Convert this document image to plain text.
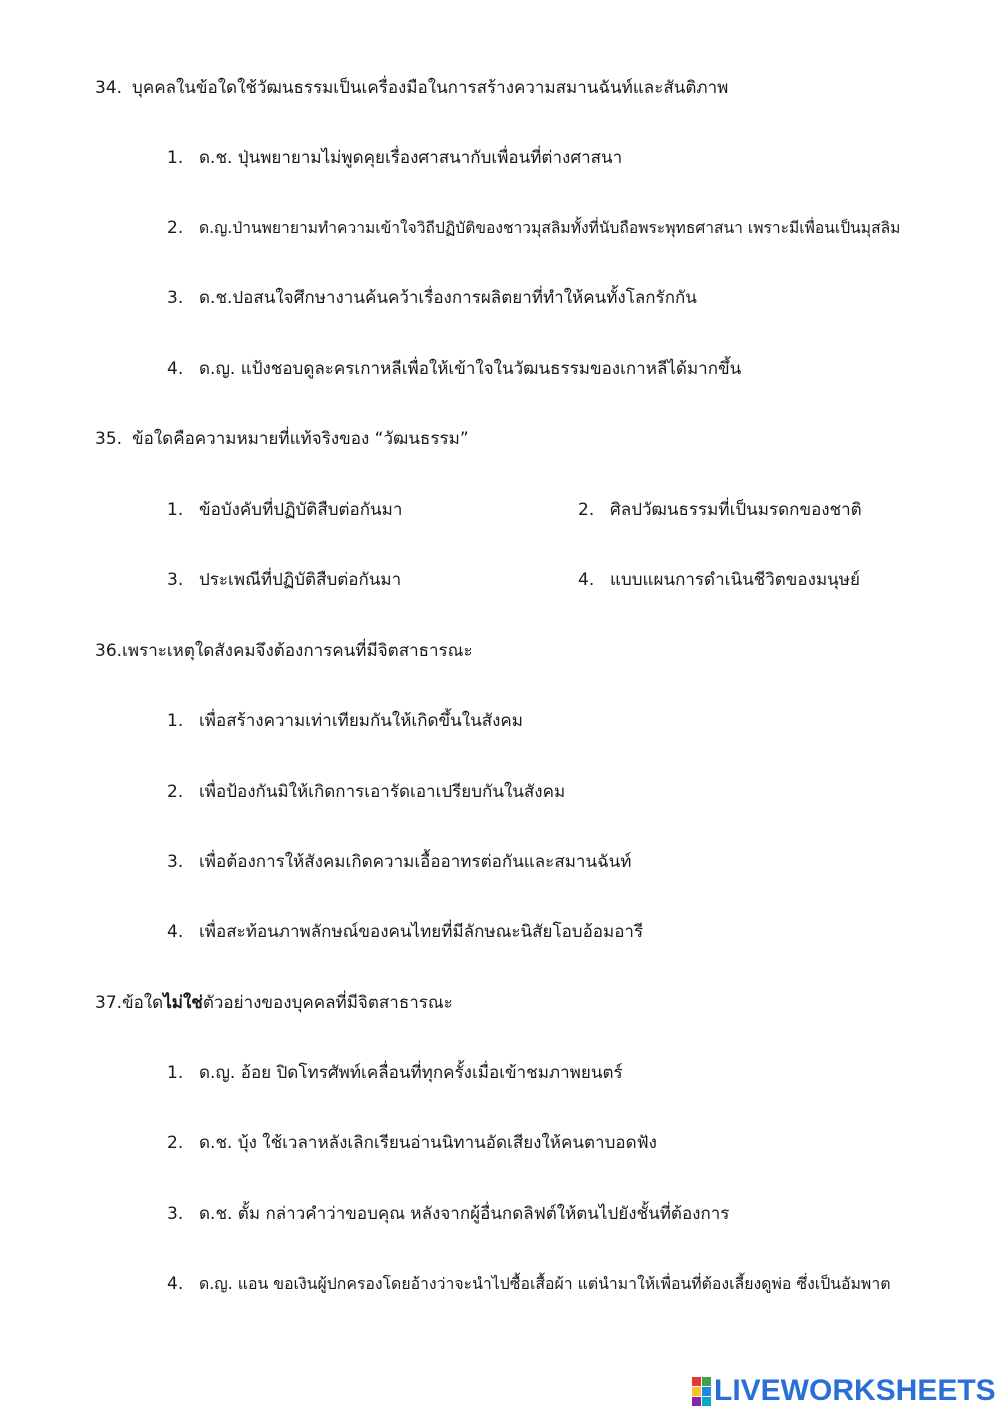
34. บุคคลในข้อใดใช้วัฒนธรรมเป็นเครื่องมือในการสร้างความสมานฉันท์และสันติภาพ
1. ด.ช. ปุ่นพยายามไม่พูดคุยเรื่องศาสนากับเพื่อนที่ต่างศาสนา
2. ด.ญ.ป่านพยายามทำความเข้าใจวิถีปฏิบัติของชาวมุสลิมทั้งที่นับถือพระพุทธศาสนา เพราะมีเพื่อนเป็นมุสลิม
3. ด.ช.ปอสนใจศึกษางานค้นคว้าเรื่องการผลิตยาที่ทำให้คนทั้งโลกรักกัน
4. ด.ญ. แป้งชอบดูละครเกาหลีเพื่อให้เข้าใจในวัฒนธรรมของเกาหลีได้มากขึ้น
35. ข้อใดคือความหมายที่แท้จริงของ “วัฒนธรรม”
1. ข้อบังคับที่ปฏิบัติสืบต่อกันมา	2. ศิลปวัฒนธรรมที่เป็นมรดกของชาติ
3. ประเพณีที่ปฏิบัติสืบต่อกันมา	4. แบบแผนการดำเนินชีวิตของมนุษย์
36.เพราะเหตุใดสังคมจึงต้องการคนที่มีจิตสาธารณะ
1. เพื่อสร้างความเท่าเทียมกันให้เกิดขึ้นในสังคม
2. เพื่อป้องกันมิให้เกิดการเอารัดเอาเปรียบกันในสังคม
3. เพื่อต้องการให้สังคมเกิดความเอื้ออาทรต่อกันและสมานฉันท์
4. เพื่อสะท้อนภาพลักษณ์ของคนไทยที่มีลักษณะนิสัยโอบอ้อมอารี
37.ข้อใดไม่ใช่ตัวอย่างของบุคคลที่มีจิตสาธารณะ
1. ด.ญ. อ้อย ปิดโทรศัพท์เคลื่อนที่ทุกครั้งเมื่อเข้าชมภาพยนตร์
2. ด.ช. บุ้ง ใช้เวลาหลังเลิกเรียนอ่านนิทานอัดเสียงให้คนตาบอดฟัง
3. ด.ช. ตั้ม กล่าวคำว่าขอบคุณ หลังจากผู้อื่นกดลิฟต์ให้ตนไปยังชั้นที่ต้องการ
4. ด.ญ. แอน ขอเงินผู้ปกครองโดยอ้างว่าจะนำไปซื้อเสื้อผ้า แต่นำมาให้เพื่อนที่ต้องเลี้ยงดูพ่อ ซึ่งเป็นอัมพาต
LIVEWORKSHEETS
